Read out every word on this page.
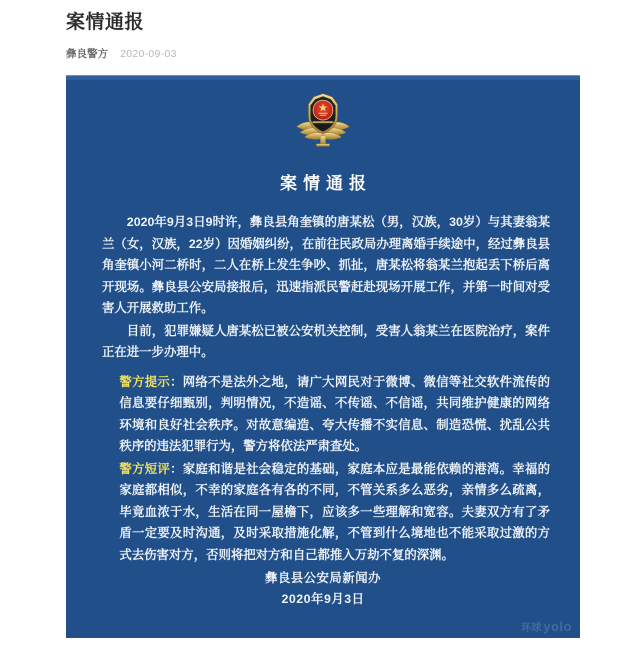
案情通报
彝良警方 2020-09-03
案情通报

2020年9月3日9时许，彝良县角奎镇的唐某松（男，汉族，30岁）与其妻翁某兰（女，汉族，22岁）因婚姻纠纷，在前往民政局办理离婚手续途中，经过彝良县角奎镇小河二桥时，二人在桥上发生争吵、抓扯，唐某松将翁某兰抱起丢下桥后离开现场。彝良县公安局接报后，迅速指派民警赶赴现场开展工作，并第一时间对受害人开展救助工作。

目前，犯罪嫌疑人唐某松已被公安机关控制，受害人翁某兰在医院治疗，案件正在进一步办理中。

警方提示：网络不是法外之地，请广大网民对于微博、微信等社交软件流传的信息要仔细甄别，判明情况，不造谣、不传谣、不信谣，共同维护健康的网络环境和良好社会秩序。对故意编造、夸大传播不实信息、制造恐慌、扰乱公共秩序的违法犯罪行为，警方将依法严肃查处。

警方短评：家庭和谐是社会稳定的基础，家庭本应是最能依赖的港湾。幸福的家庭都相似，不幸的家庭各有各的不同，不管关系多么恶劣，亲情多么疏离，毕竟血浓于水，生活在同一屋檐下，应该多一些理解和宽容。夫妻双方有了矛盾一定要及时沟通，及时采取措施化解，不管到什么境地也不能采取过激的方式去伤害对方，否则将把对方和自己都推入万劫不复的深渊。

彝良县公安局新闻办
2020年9月3日
环球 yolo
